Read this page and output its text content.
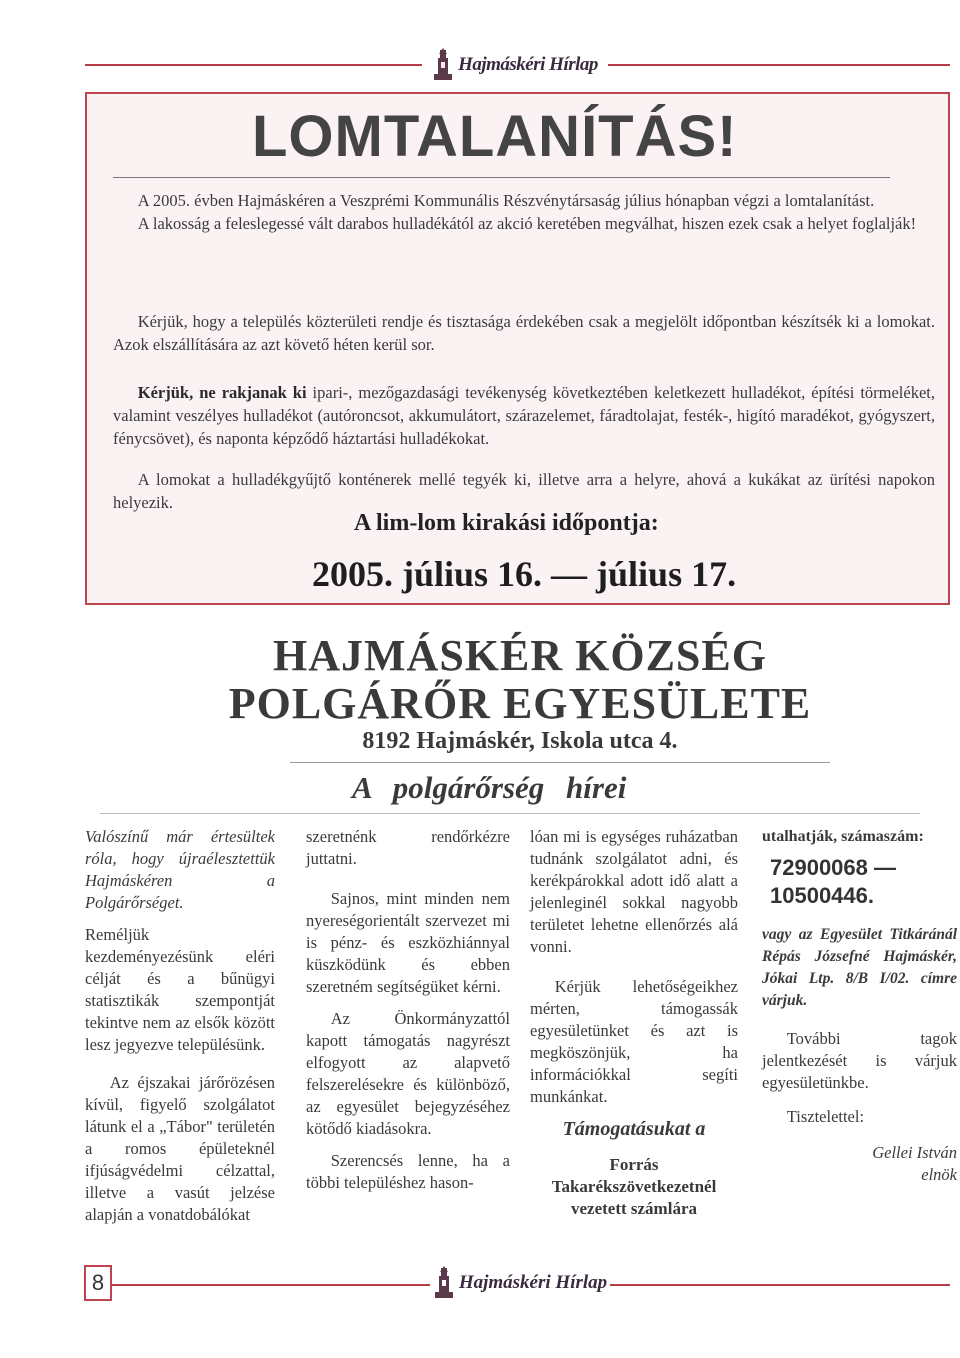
Hajmáskéri Hírlap
LOMTALANÍTÁS!

A 2005. évben Hajmáskéren a Veszprémi Kommunális Részvénytársaság július hónapban végzi a lomtalanítást.

A lakosság a feleslegessé vált darabos hulladékától az akció keretében megválhat, hiszen ezek csak a helyet foglalják!

Kérjük, hogy a település közterületi rendje és tisztasága érdekében csak a megjelölt időpontban készítsék ki a lomokat. Azok elszállítására az azt követő héten kerül sor.

Kérjük, ne rakjanak ki ipari-, mezőgazdasági tevékenység következtében keletkezett hulladékot, építési törmeléket, valamint veszélyes hulladékot (autóroncsot, akkumulátort, szárazelemet, fáradtolajat, festék-, higító maradékot, gyógyszert, fénycsövet), és naponta képződő háztartási hulladékokat.

A lomokat a hulladékgyűjtő konténerek mellé tegyék ki, illetve arra a helyre, ahová a kukákat az ürítési napokon helyezik.

A lim-lom kirakási időpontja:
2005. július 16. — július 17.
HAJMÁSKÉR KÖZSÉG
POLGÁRŐR EGYESÜLETE
8192 Hajmáskér, Iskola utca 4.
A polgárőrség hírei

Valószínű már értesültek róla, hogy újraélesztettük Hajmáskéren a Polgárőrséget.

Reméljük kezdeményezésünk eléri célját és a bűnügyi statisztikák szempontját tekintve nem az elsők között lesz jegyezve településünk.

Az éjszakai járőrözésen kívül, figyelő szolgálatot látunk el a „Tábor" területén a romos épületeknél ifjúságvédelmi célzattal, illetve a vasút jelzése alapján a vonatdobálókat

szeretnénk rendőrkézre juttatni.

Sajnos, mint minden nem nyereségorientált szervezet mi is pénz- és eszközhiánnyal küszködünk és ebben szeretném segítségüket kérni.

Az Önkormányzattól kapott támogatás nagyrészt elfogyott az alapvető felszerelésekre és különböző, az egyesület bejegyzéséhez kötődő kiadásokra.

Szerencsés lenne, ha a többi településhez hason-

lóan mi is egységes ruházatban tudnánk szolgálatot adni, és kerékpárokkal adott idő alatt a jelenleginél sokkal nagyobb területet lehetne ellenőrzés alá vonni.

Kérjük lehetőségeikhez mérten, támogassák egyesületünket és azt is megköszönjük, ha információkkal segíti munkánkat.

Támogatásukat a

Forrás Takarékszövetkezetnél vezetett számlára

utalhatják, számaszám:

72900068 —
10500446.

vagy az Egyesület Titkáránál Répás Józsefné Hajmáskér, Jókai Ltp. 8/B I/02. címre várjuk.

További tagok jelentkezését is várjuk egyesületünkbe.

Tisztelettel:

Gellei István
elnök

8	Hajmáskéri Hírlap
